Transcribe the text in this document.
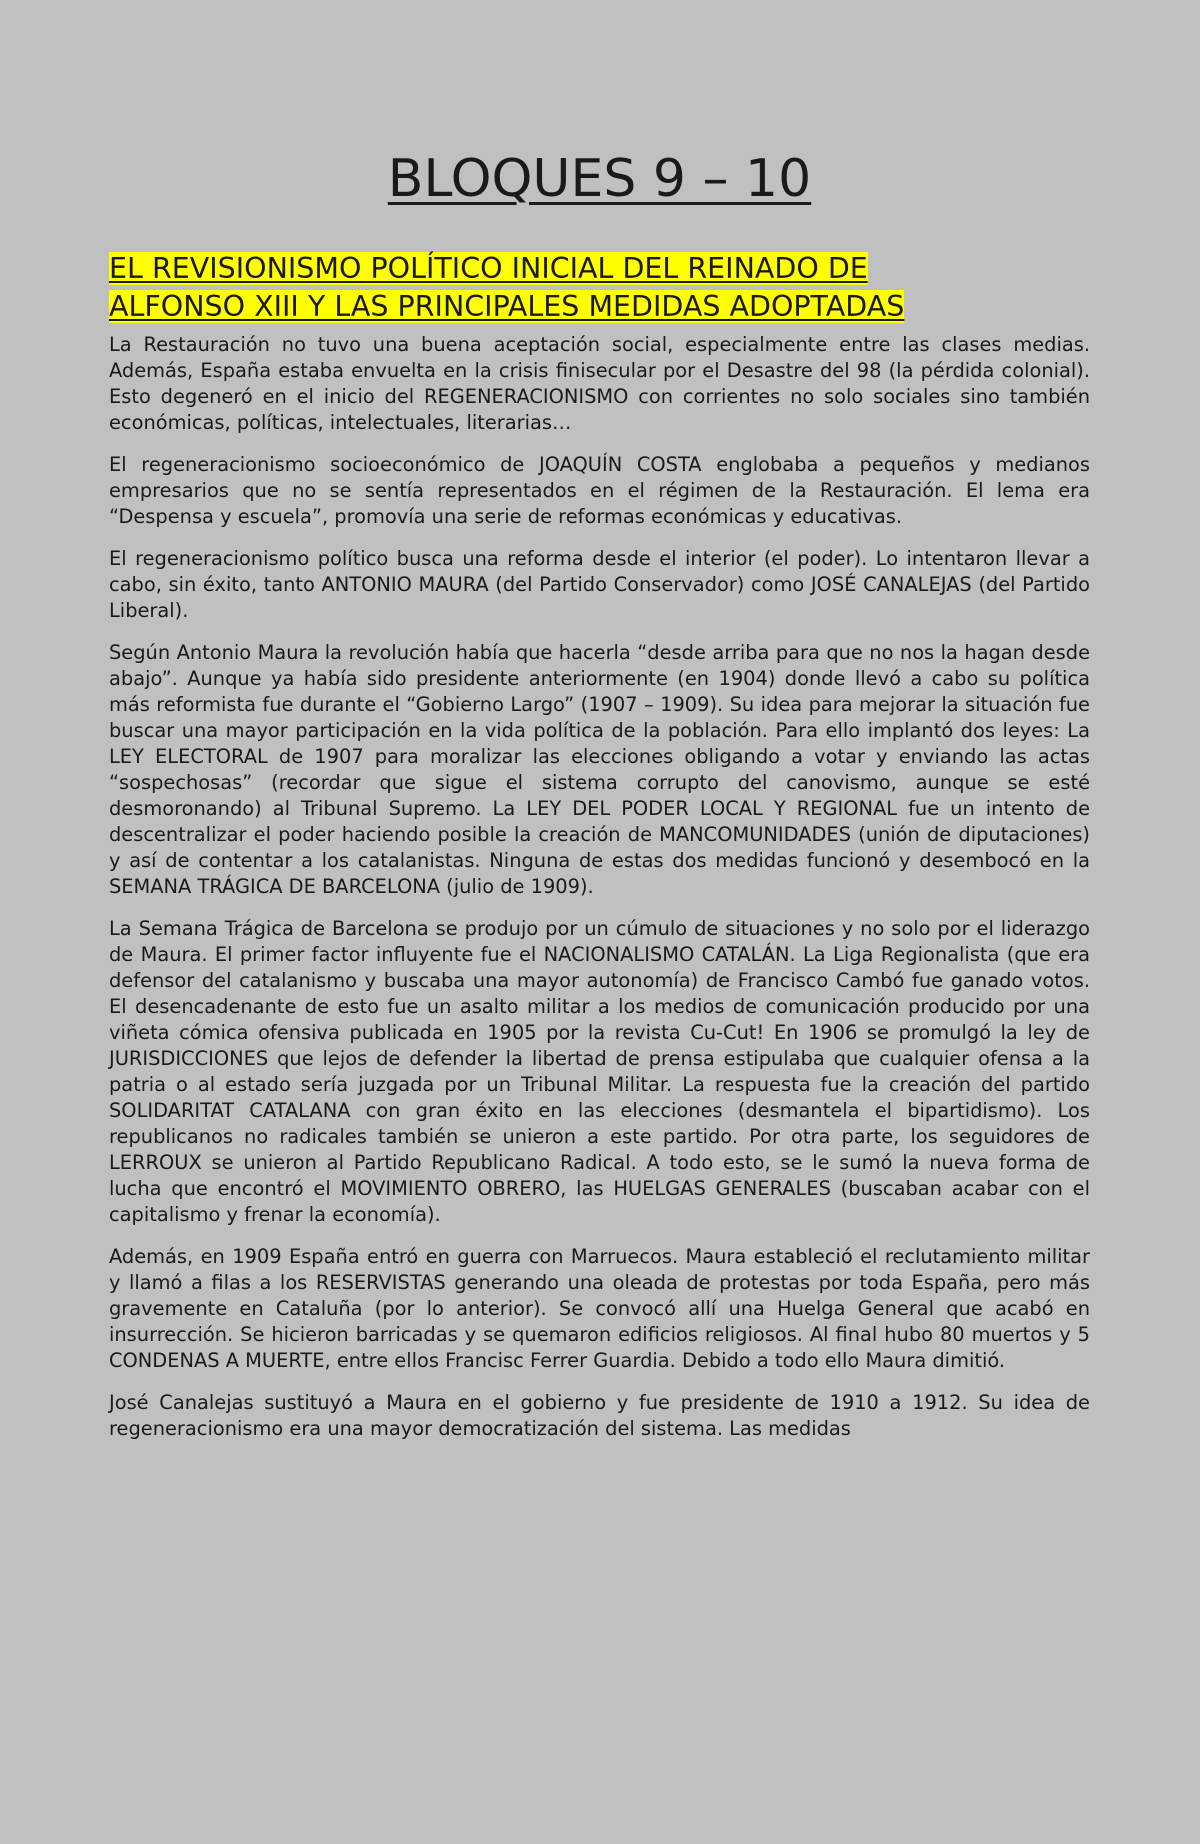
BLOQUES 9 – 10
EL REVISIONISMO POLÍTICO INICIAL DEL REINADO DE
ALFONSO XIII Y LAS PRINCIPALES MEDIDAS ADOPTADAS

La Restauración no tuvo una buena aceptación social, especialmente entre las clases medias. Además, España estaba envuelta en la crisis finisecular por el Desastre del 98 (la pérdida colonial). Esto degeneró en el inicio del REGENERACIONISMO con corrientes no solo sociales sino también económicas, políticas, intelectuales, literarias…

El regeneracionismo socioeconómico de JOAQUÍN COSTA englobaba a pequeños y medianos empresarios que no se sentía representados en el régimen de la Restauración. El lema era “Despensa y escuela”, promovía una serie de reformas económicas y educativas.

El regeneracionismo político busca una reforma desde el interior (el poder). Lo intentaron llevar a cabo, sin éxito, tanto ANTONIO MAURA (del Partido Conservador) como JOSÉ CANALEJAS (del Partido Liberal).

Según Antonio Maura la revolución había que hacerla “desde arriba para que no nos la hagan desde abajo”. Aunque ya había sido presidente anteriormente (en 1904) donde llevó a cabo su política más reformista fue durante el “Gobierno Largo” (1907 – 1909). Su idea para mejorar la situación fue buscar una mayor participación en la vida política de la población. Para ello implantó dos leyes: La LEY ELECTORAL de 1907 para moralizar las elecciones obligando a votar y enviando las actas “sospechosas” (recordar que sigue el sistema corrupto del canovismo, aunque se esté desmoronando) al Tribunal Supremo. La LEY DEL PODER LOCAL Y REGIONAL fue un intento de descentralizar el poder haciendo posible la creación de MANCOMUNIDADES (unión de diputaciones) y así de contentar a los catalanistas. Ninguna de estas dos medidas funcionó y desembocó en la SEMANA TRÁGICA DE BARCELONA (julio de 1909).

La Semana Trágica de Barcelona se produjo por un cúmulo de situaciones y no solo por el liderazgo de Maura. El primer factor influyente fue el NACIONALISMO CATALÁN. La Liga Regionalista (que era defensor del catalanismo y buscaba una mayor autonomía) de Francisco Cambó fue ganado votos. El desencadenante de esto fue un asalto militar a los medios de comunicación producido por una viñeta cómica ofensiva publicada en 1905 por la revista Cu-Cut! En 1906 se promulgó la ley de JURISDICCIONES que lejos de defender la libertad de prensa estipulaba que cualquier ofensa a la patria o al estado sería juzgada por un Tribunal Militar. La respuesta fue la creación del partido SOLIDARITAT CATALANA con gran éxito en las elecciones (desmantela el bipartidismo). Los republicanos no radicales también se unieron a este partido. Por otra parte, los seguidores de LERROUX se unieron al Partido Republicano Radical. A todo esto, se le sumó la nueva forma de lucha que encontró el MOVIMIENTO OBRERO, las HUELGAS GENERALES (buscaban acabar con el capitalismo y frenar la economía).

Además, en 1909 España entró en guerra con Marruecos. Maura estableció el reclutamiento militar y llamó a filas a los RESERVISTAS generando una oleada de protestas por toda España, pero más gravemente en Cataluña (por lo anterior). Se convocó allí una Huelga General que acabó en insurrección. Se hicieron barricadas y se quemaron edificios religiosos. Al final hubo 80 muertos y 5 CONDENAS A MUERTE, entre ellos Francisc Ferrer Guardia. Debido a todo ello Maura dimitió.

José Canalejas sustituyó a Maura en el gobierno y fue presidente de 1910 a 1912. Su idea de regeneracionismo era una mayor democratización del sistema. Las medidas
